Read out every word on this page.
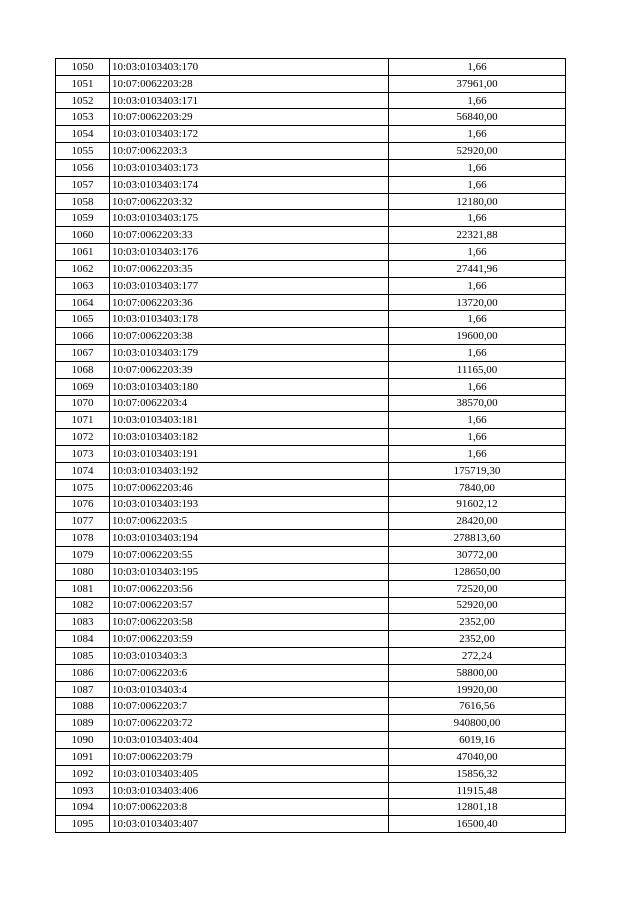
1050	10:03:0103403:170	1,66
1051	10:07:0062203:28	37961,00
1052	10:03:0103403:171	1,66
1053	10:07:0062203:29	56840,00
1054	10:03:0103403:172	1,66
1055	10:07:0062203:3	52920,00
1056	10:03:0103403:173	1,66
1057	10:03:0103403:174	1,66
1058	10:07:0062203:32	12180,00
1059	10:03:0103403:175	1,66
1060	10:07:0062203:33	22321,88
1061	10:03:0103403:176	1,66
1062	10:07:0062203:35	27441,96
1063	10:03:0103403:177	1,66
1064	10:07:0062203:36	13720,00
1065	10:03:0103403:178	1,66
1066	10:07:0062203:38	19600,00
1067	10:03:0103403:179	1,66
1068	10:07:0062203:39	11165,00
1069	10:03:0103403:180	1,66
1070	10:07:0062203:4	38570,00
1071	10:03:0103403:181	1,66
1072	10:03:0103403:182	1,66
1073	10:03:0103403:191	1,66
1074	10:03:0103403:192	175719,30
1075	10:07:0062203:46	7840,00
1076	10:03:0103403:193	91602,12
1077	10:07:0062203:5	28420,00
1078	10:03:0103403:194	278813,60
1079	10:07:0062203:55	30772,00
1080	10:03:0103403:195	128650,00
1081	10:07:0062203:56	72520,00
1082	10:07:0062203:57	52920,00
1083	10:07:0062203:58	2352,00
1084	10:07:0062203:59	2352,00
1085	10:03:0103403:3	272,24
1086	10:07:0062203:6	58800,00
1087	10:03:0103403:4	19920,00
1088	10:07:0062203:7	7616,56
1089	10:07:0062203:72	940800,00
1090	10:03:0103403:404	6019,16
1091	10:07:0062203:79	47040,00
1092	10:03:0103403:405	15856,32
1093	10:03:0103403:406	11915,48
1094	10:07:0062203:8	12801,18
1095	10:03:0103403:407	16500,40
